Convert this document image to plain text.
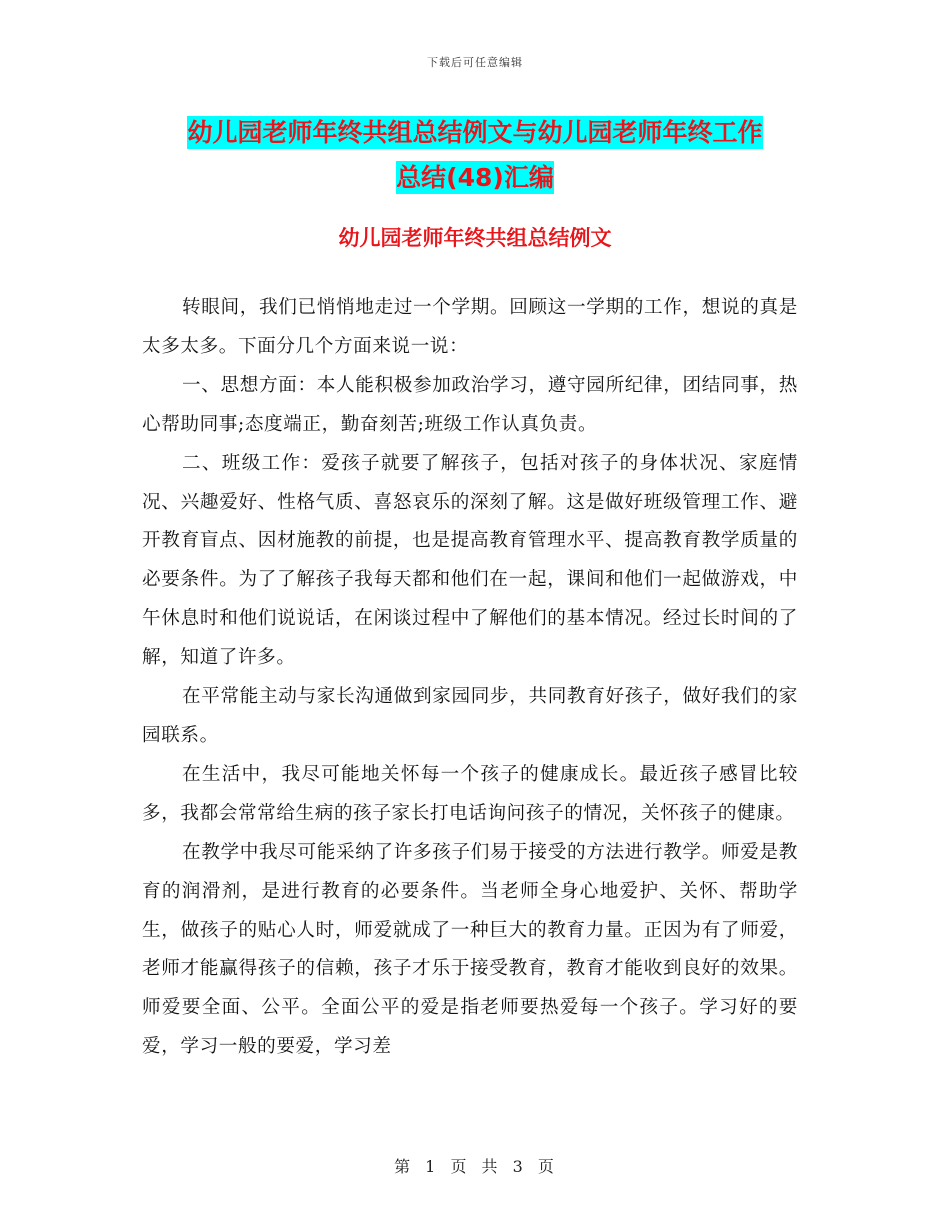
下载后可任意编辑
幼儿园老师年终共组总结例文与幼儿园老师年终工作
总结(48)汇编
幼儿园老师年终共组总结例文

转眼间，我们已悄悄地走过一个学期。回顾这一学期的工作，想说的真是太多太多。下面分几个方面来说一说：

一、思想方面：本人能积极参加政治学习，遵守园所纪律，团结同事，热心帮助同事;态度端正，勤奋刻苦;班级工作认真负责。

二、班级工作：爱孩子就要了解孩子，包括对孩子的身体状况、家庭情况、兴趣爱好、性格气质、喜怒哀乐的深刻了解。这是做好班级管理工作、避开教育盲点、因材施教的前提，也是提高教育管理水平、提高教育教学质量的必要条件。为了了解孩子我每天都和他们在一起，课间和他们一起做游戏，中午休息时和他们说说话，在闲谈过程中了解他们的基本情况。经过长时间的了解，知道了许多。

在平常能主动与家长沟通做到家园同步，共同教育好孩子，做好我们的家园联系。

在生活中，我尽可能地关怀每一个孩子的健康成长。最近孩子感冒比较多，我都会常常给生病的孩子家长打电话询问孩子的情况，关怀孩子的健康。

在教学中我尽可能采纳了许多孩子们易于接受的方法进行教学。师爱是教育的润滑剂，是进行教育的必要条件。当老师全身心地爱护、关怀、帮助学生，做孩子的贴心人时，师爱就成了一种巨大的教育力量。正因为有了师爱，老师才能赢得孩子的信赖，孩子才乐于接受教育，教育才能收到良好的效果。师爱要全面、公平。全面公平的爱是指老师要热爱每一个孩子。学习好的要爱，学习一般的要爱，学习差

第 1 页 共 3 页
